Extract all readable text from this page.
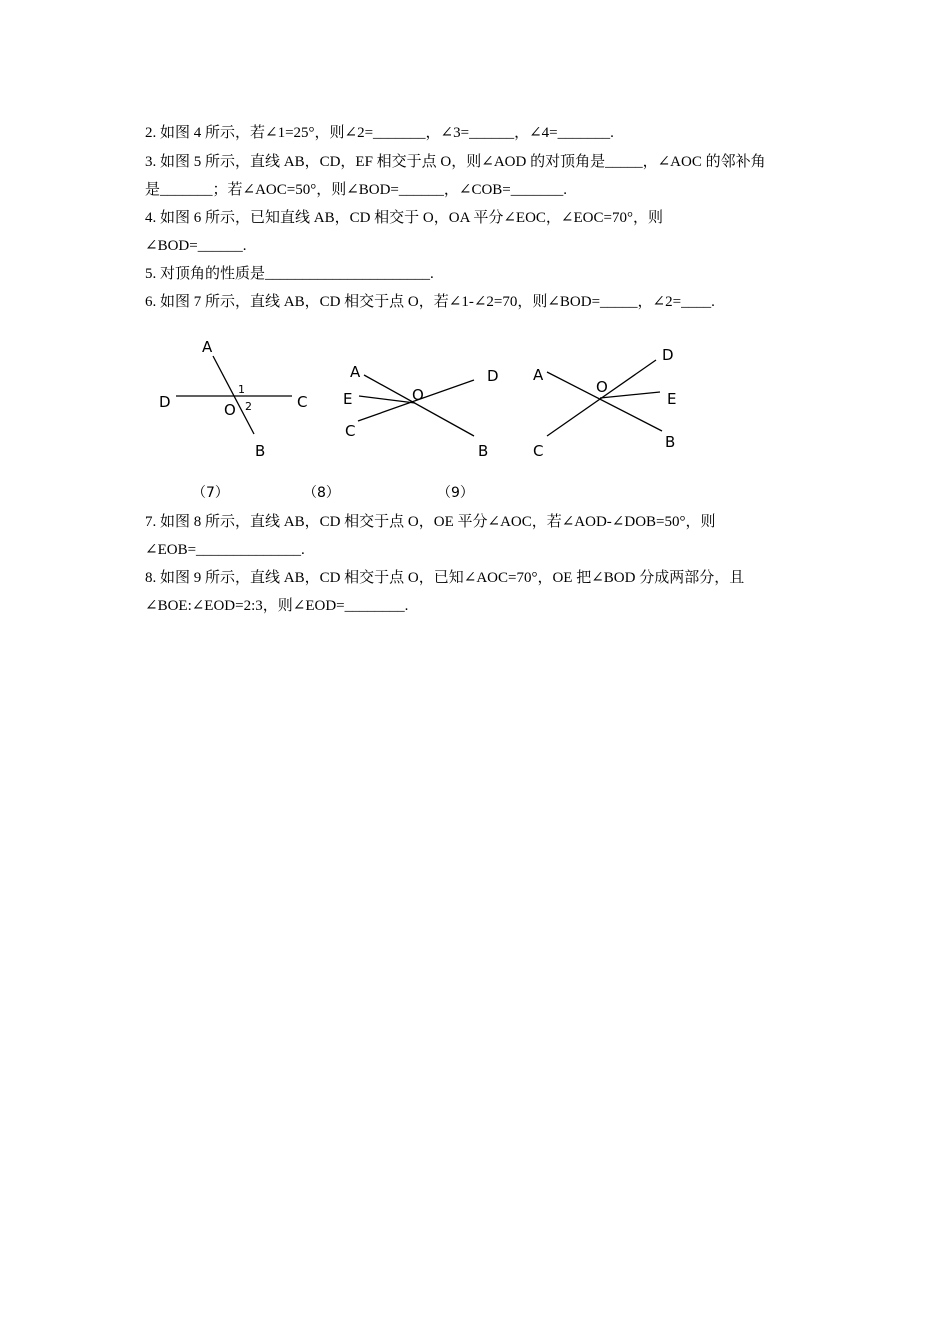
2. 如图 4 所示，若∠1=25°，则∠2=_______，∠3=______，∠4=_______.
3. 如图 5 所示，直线 AB，CD，EF 相交于点 O，则∠AOD 的对顶角是_____，∠AOC 的邻补角
是_______；若∠AOC=50°，则∠BOD=______，∠COB=_______.
4. 如图 6 所示，已知直线 AB，CD 相交于 O，OA 平分∠EOC，∠EOC=70°，则
∠BOD=______.
5. 对顶角的性质是______________________.
6. 如图 7 所示，直线 AB，CD 相交于点 O，若∠1-∠2=70，则∠BOD=_____，∠2=____.
A
D	C
O
B
1
2
A
E
C
O
D
B
A
O
D
E
C	B
（7）	（8）	（9）
7. 如图 8 所示，直线 AB，CD 相交于点 O，OE 平分∠AOC，若∠AOD-∠DOB=50°，则
∠EOB=______________.
8. 如图 9 所示，直线 AB，CD 相交于点 O，已知∠AOC=70°，OE 把∠BOD 分成两部分，且
∠BOE:∠EOD=2:3，则∠EOD=________.
